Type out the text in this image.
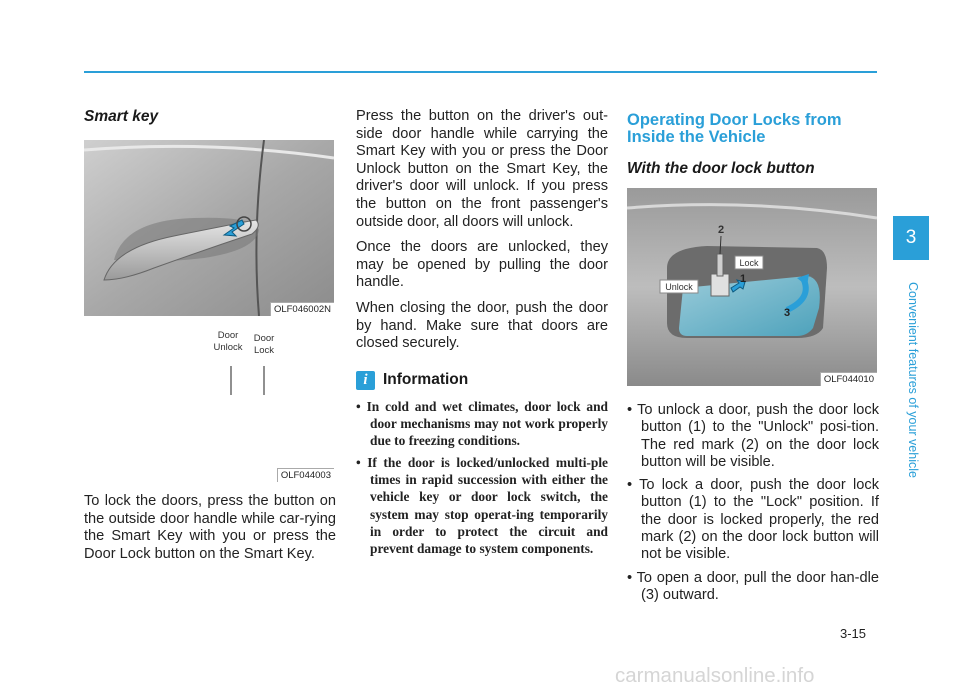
Smart key
OLF046002N
Door
Unlock
Door
Lock
OLF044003

To lock the doors, press the button on the outside door handle while car-rying the Smart Key with you or press the Door Lock button on the Smart Key.

Press the button on the driver's out-side door handle while carrying the Smart Key with you or press the Door Unlock button on the Smart Key, the driver's door will unlock. If you press the button on the front passenger's outside door, all doors will unlock.

Once the doors are unlocked, they may be opened by pulling the door handle.

When closing the door, push the door by hand. Make sure that doors are closed securely.

i Information
• In cold and wet climates, door lock and door mechanisms may not work properly due to freezing conditions.
• If the door is locked/unlocked multi-ple times in rapid succession with either the vehicle key or door lock switch, the system may stop operat-ing temporarily in order to protect the circuit and prevent damage to system components.
Operating Door Locks from Inside the Vehicle
With the door lock button
Unlock
Lock
2
1
3
OLF044010
• To unlock a door, push the door lock button (1) to the "Unlock" posi-tion. The red mark (2) on the door lock button will be visible.
• To lock a door, push the door lock button (1) to the "Lock" position. If the door is locked properly, the red mark (2) on the door lock button will not be visible.
• To open a door, pull the door han-dle (3) outward.
3
Convenient features of your vehicle
3-15
carmanualsonline.info
